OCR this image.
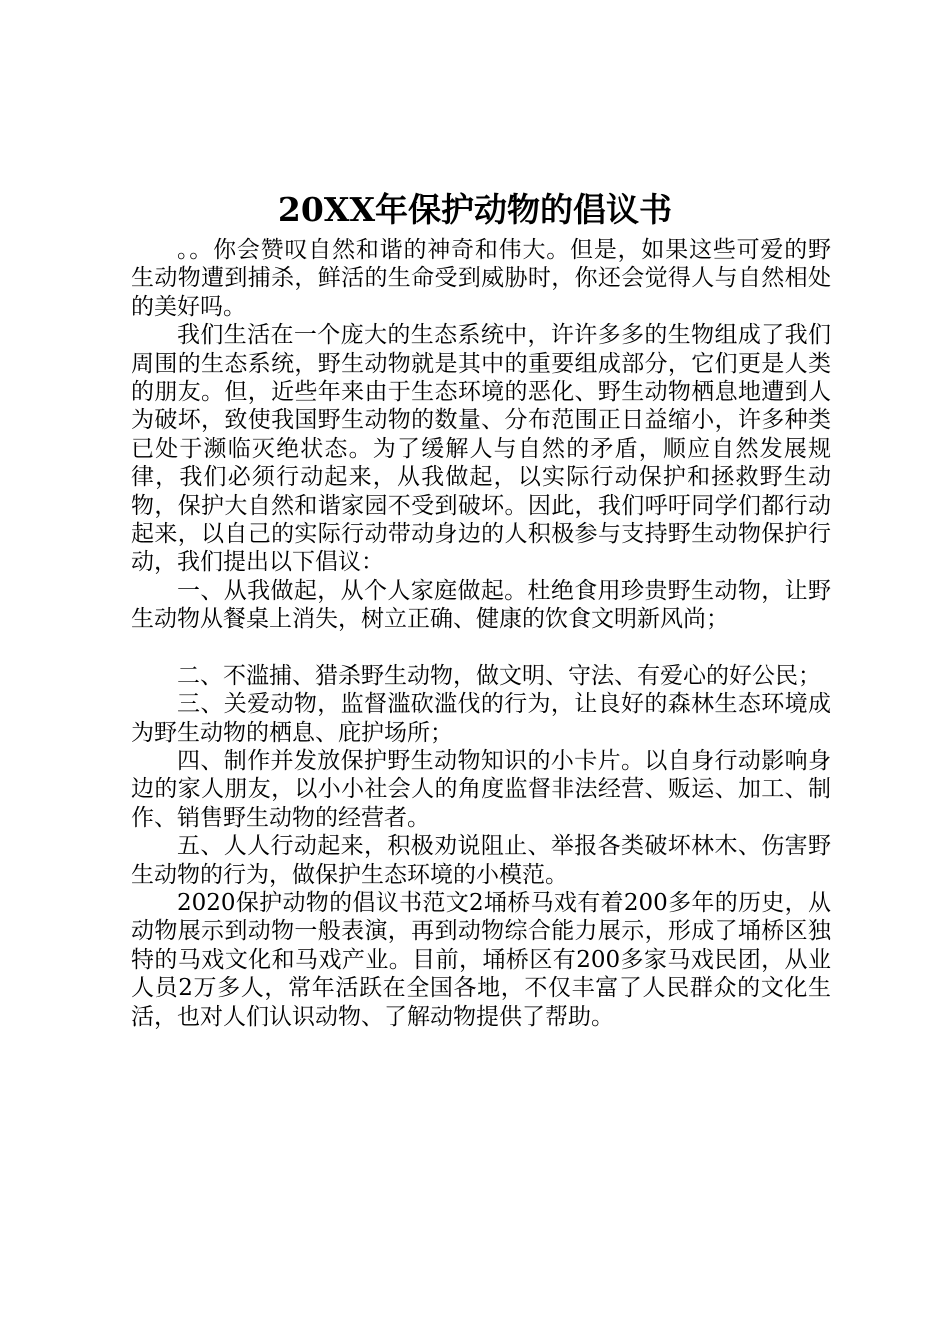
20XX年保护动物的倡议书

。。你会赞叹自然和谐的神奇和伟大。但是，如果这些可爱的野生动物遭到捕杀，鲜活的生命受到威胁时，你还会觉得人与自然相处的美好吗。

我们生活在一个庞大的生态系统中，许许多多的生物组成了我们周围的生态系统，野生动物就是其中的重要组成部分，它们更是人类的朋友。但，近些年来由于生态环境的恶化、野生动物栖息地遭到人为破坏，致使我国野生动物的数量、分布范围正日益缩小，许多种类已处于濒临灭绝状态。为了缓解人与自然的矛盾，顺应自然发展规律，我们必须行动起来，从我做起，以实际行动保护和拯救野生动物，保护大自然和谐家园不受到破坏。因此，我们呼吁同学们都行动起来，以自己的实际行动带动身边的人积极参与支持野生动物保护行动，我们提出以下倡议：

一、从我做起，从个人家庭做起。杜绝食用珍贵野生动物，让野生动物从餐桌上消失，树立正确、健康的饮食文明新风尚；

二、不滥捕、猎杀野生动物，做文明、守法、有爱心的好公民；

三、关爱动物，监督滥砍滥伐的行为，让良好的森林生态环境成为野生动物的栖息、庇护场所；

四、制作并发放保护野生动物知识的小卡片。以自身行动影响身边的家人朋友，以小小社会人的角度监督非法经营、贩运、加工、制作、销售野生动物的经营者。

五、人人行动起来，积极劝说阻止、举报各类破坏林木、伤害野生动物的行为，做保护生态环境的小模范。

2020保护动物的倡议书范文2埇桥马戏有着200多年的历史，从动物展示到动物一般表演，再到动物综合能力展示，形成了埇桥区独特的马戏文化和马戏产业。目前，埇桥区有200多家马戏民团，从业人员2万多人，常年活跃在全国各地，不仅丰富了人民群众的文化生活，也对人们认识动物、了解动物提供了帮助。
